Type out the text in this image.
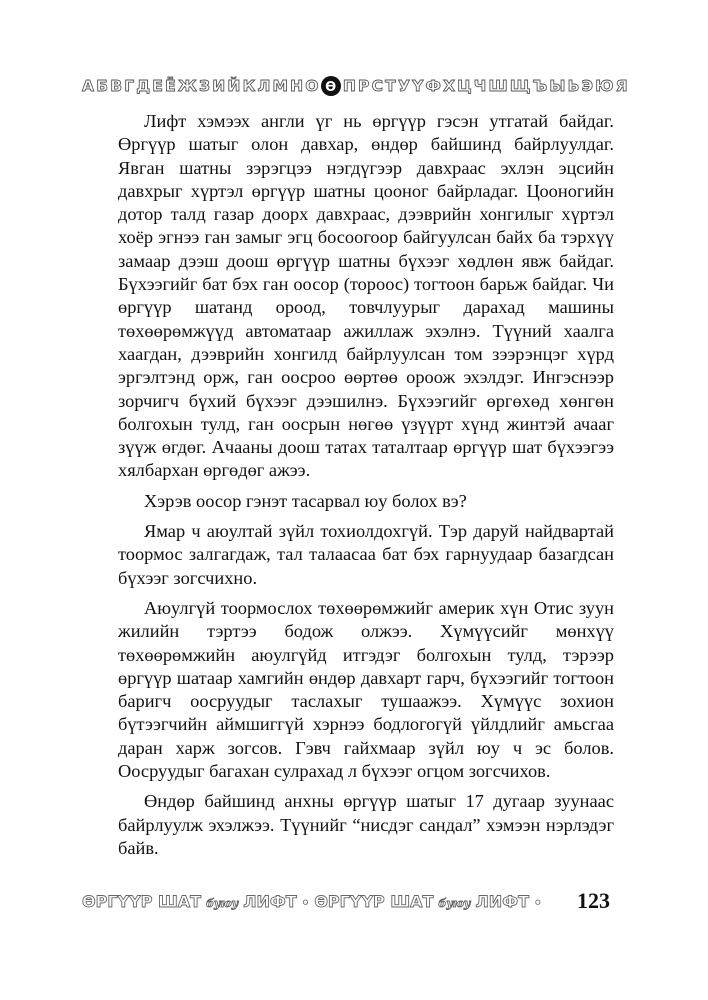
А Б В Г Д Е Ё Ж З И Й К Л М Н О Ө П Р С Т У Ү Ф Х Ц Ч Ш Щ Ъ Ы Ь Э Ю Я

Лифт хэмээх англи үг нь өргүүр гэсэн утгатай байдаг. Өргүүр шатыг олон давхар, өндөр байшинд байрлуулдаг. Явган шатны зэрэгцээ нэгдүгээр давхраас эхлэн эцсийн давхрыг хүртэл өргүүр шатны цооног байрладаг. Цооногийн дотор талд газар доорх давхраас, дээврийн хонгилыг хүртэл хоёр эгнээ ган замыг эгц босоогоор байгуулсан байх ба тэрхүү замаар дээш доош өргүүр шатны бүхээг хөдлөн явж байдаг. Бүхээгийг бат бэх ган оосор (тороос) тогтоон барьж байдаг. Чи өргүүр шатанд ороод, товчлуурыг дарахад машины төхөөрөмжүүд автоматаар ажиллаж эхэлнэ. Түүний хаалга хаагдан, дээврийн хонгилд байрлуулсан том зээрэнцэг хүрд эргэлтэнд орж, ган оосроо өөртөө ороож эхэлдэг. Ингэснээр зорчигч бүхий бүхээг дээшилнэ. Бүхээгийг өргөхөд хөнгөн болгохын тулд, ган оосрын нөгөө үзүүрт хүнд жинтэй ачааг зүүж өгдөг. Ачааны доош татах таталтаар өргүүр шат бүхээгээ хялбархан өргөдөг ажээ.

Хэрэв оосор гэнэт тасарвал юу болох вэ?

Ямар ч аюултай зүйл тохиолдохгүй. Тэр даруй найдвартай тоормос залгагдаж, тал талаасаа бат бэх гарнуудаар базагдсан бүхээг зогсчихно.

Аюулгүй тоормослох төхөөрөмжийг америк хүн Отис зуун жилийн тэртээ бодож олжээ. Хүмүүсийг мөнхүү төхөөрөмжийн аюулгүйд итгэдэг болгохын тулд, тэрээр өргүүр шатаар хамгийн өндөр давхарт гарч, бүхээгийг тогтоон баригч оосруудыг таслахыг тушаажээ. Хүмүүс зохион бүтээгчийн аймшиггүй хэрнээ бодлогогүй үйлдлийг амьсгаа даран харж зогсов. Гэвч гайхмаар зүйл юу ч эс болов. Оосруудыг багахан сулрахад л бүхээг огцом зогсчихов.

Өндөр байшинд анхны өргүүр шатыг 17 дугаар зуунаас байрлуулж эхэлжээ. Түүнийг “нисдэг сандал” хэмээн нэрлэдэг байв.

ӨРГҮҮР ШАТ буюу ЛИФТ • ӨРГҮҮР ШАТ буюу ЛИФТ • 123
